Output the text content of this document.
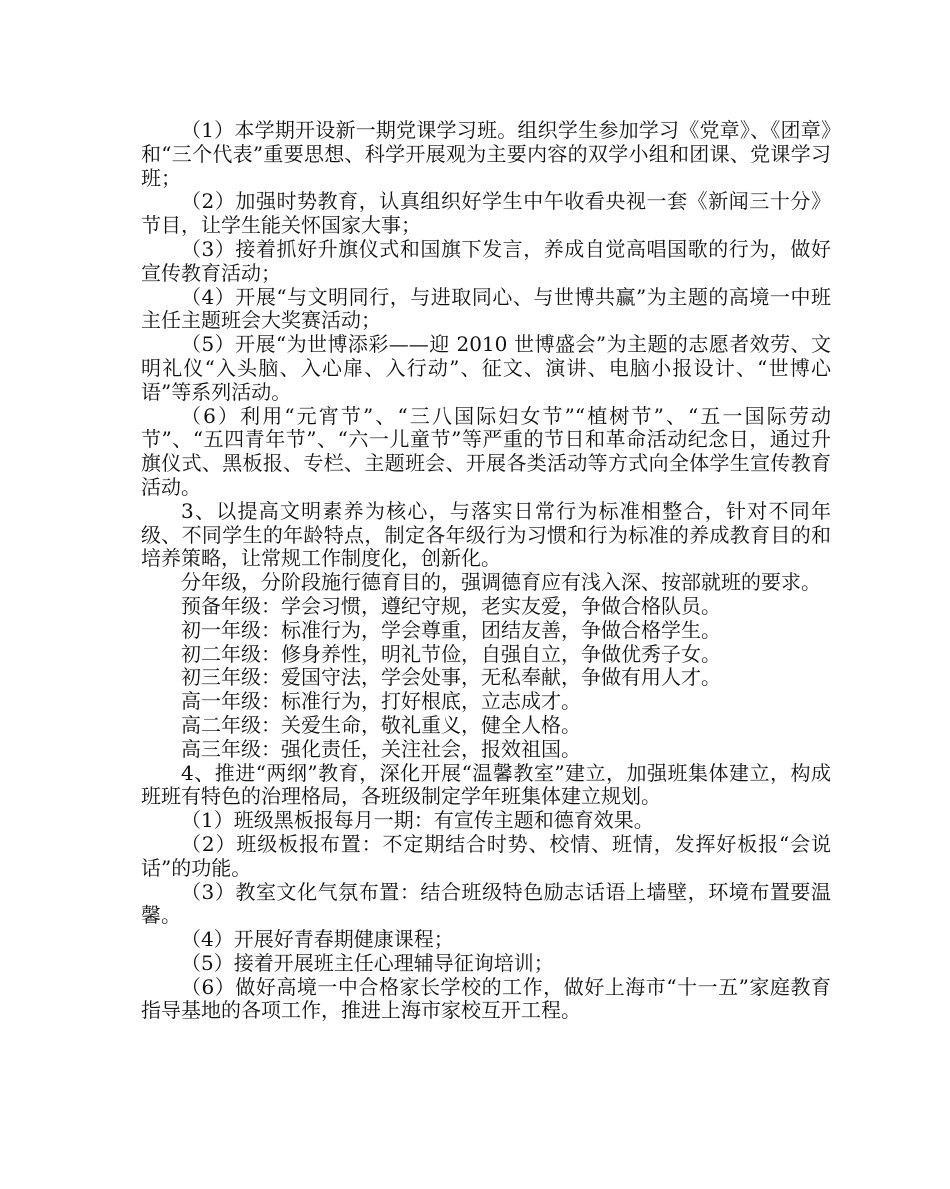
（1）本学期开设新一期党课学习班。组织学生参加学习《党章》、《团章》和“三个代表”重要思想、科学开展观为主要内容的双学小组和团课、党课学习班；

（2）加强时势教育，认真组织好学生中午收看央视一套《新闻三十分》节目，让学生能关怀国家大事；

（3）接着抓好升旗仪式和国旗下发言，养成自觉高唱国歌的行为，做好宣传教育活动；

（4）开展“与文明同行，与进取同心、与世博共赢”为主题的高境一中班主任主题班会大奖赛活动；

（5）开展“为世博添彩——迎 2010 世博盛会”为主题的志愿者效劳、文明礼仪“入头脑、入心扉、入行动”、征文、演讲、电脑小报设计、“世博心语”等系列活动。

（6）利用“元宵节”、“三八国际妇女节”“植树节”、“五一国际劳动节”、“五四青年节”、“六一儿童节”等严重的节日和革命活动纪念日，通过升旗仪式、黑板报、专栏、主题班会、开展各类活动等方式向全体学生宣传教育活动。

3、以提高文明素养为核心，与落实日常行为标准相整合，针对不同年级、不同学生的年龄特点，制定各年级行为习惯和行为标准的养成教育目的和培养策略，让常规工作制度化，创新化。

分年级，分阶段施行德育目的，强调德育应有浅入深、按部就班的要求。

预备年级：学会习惯，遵纪守规，老实友爱，争做合格队员。

初一年级：标准行为，学会尊重，团结友善，争做合格学生。

初二年级：修身养性，明礼节俭，自强自立，争做优秀子女。

初三年级：爱国守法，学会处事，无私奉献，争做有用人才。

高一年级：标准行为，打好根底，立志成才。

高二年级：关爱生命，敬礼重义，健全人格。

高三年级：强化责任，关注社会，报效祖国。

4、推进“两纲”教育，深化开展“温馨教室”建立，加强班集体建立，构成班班有特色的治理格局，各班级制定学年班集体建立规划。

（1）班级黑板报每月一期：有宣传主题和德育效果。

（2）班级板报布置：不定期结合时势、校情、班情，发挥好板报“会说话”的功能。

（3）教室文化气氛布置：结合班级特色励志话语上墙壁，环境布置要温馨。

（4）开展好青春期健康课程；

（5）接着开展班主任心理辅导征询培训；

（6）做好高境一中合格家长学校的工作，做好上海市“十一五”家庭教育指导基地的各项工作，推进上海市家校互开工程。
